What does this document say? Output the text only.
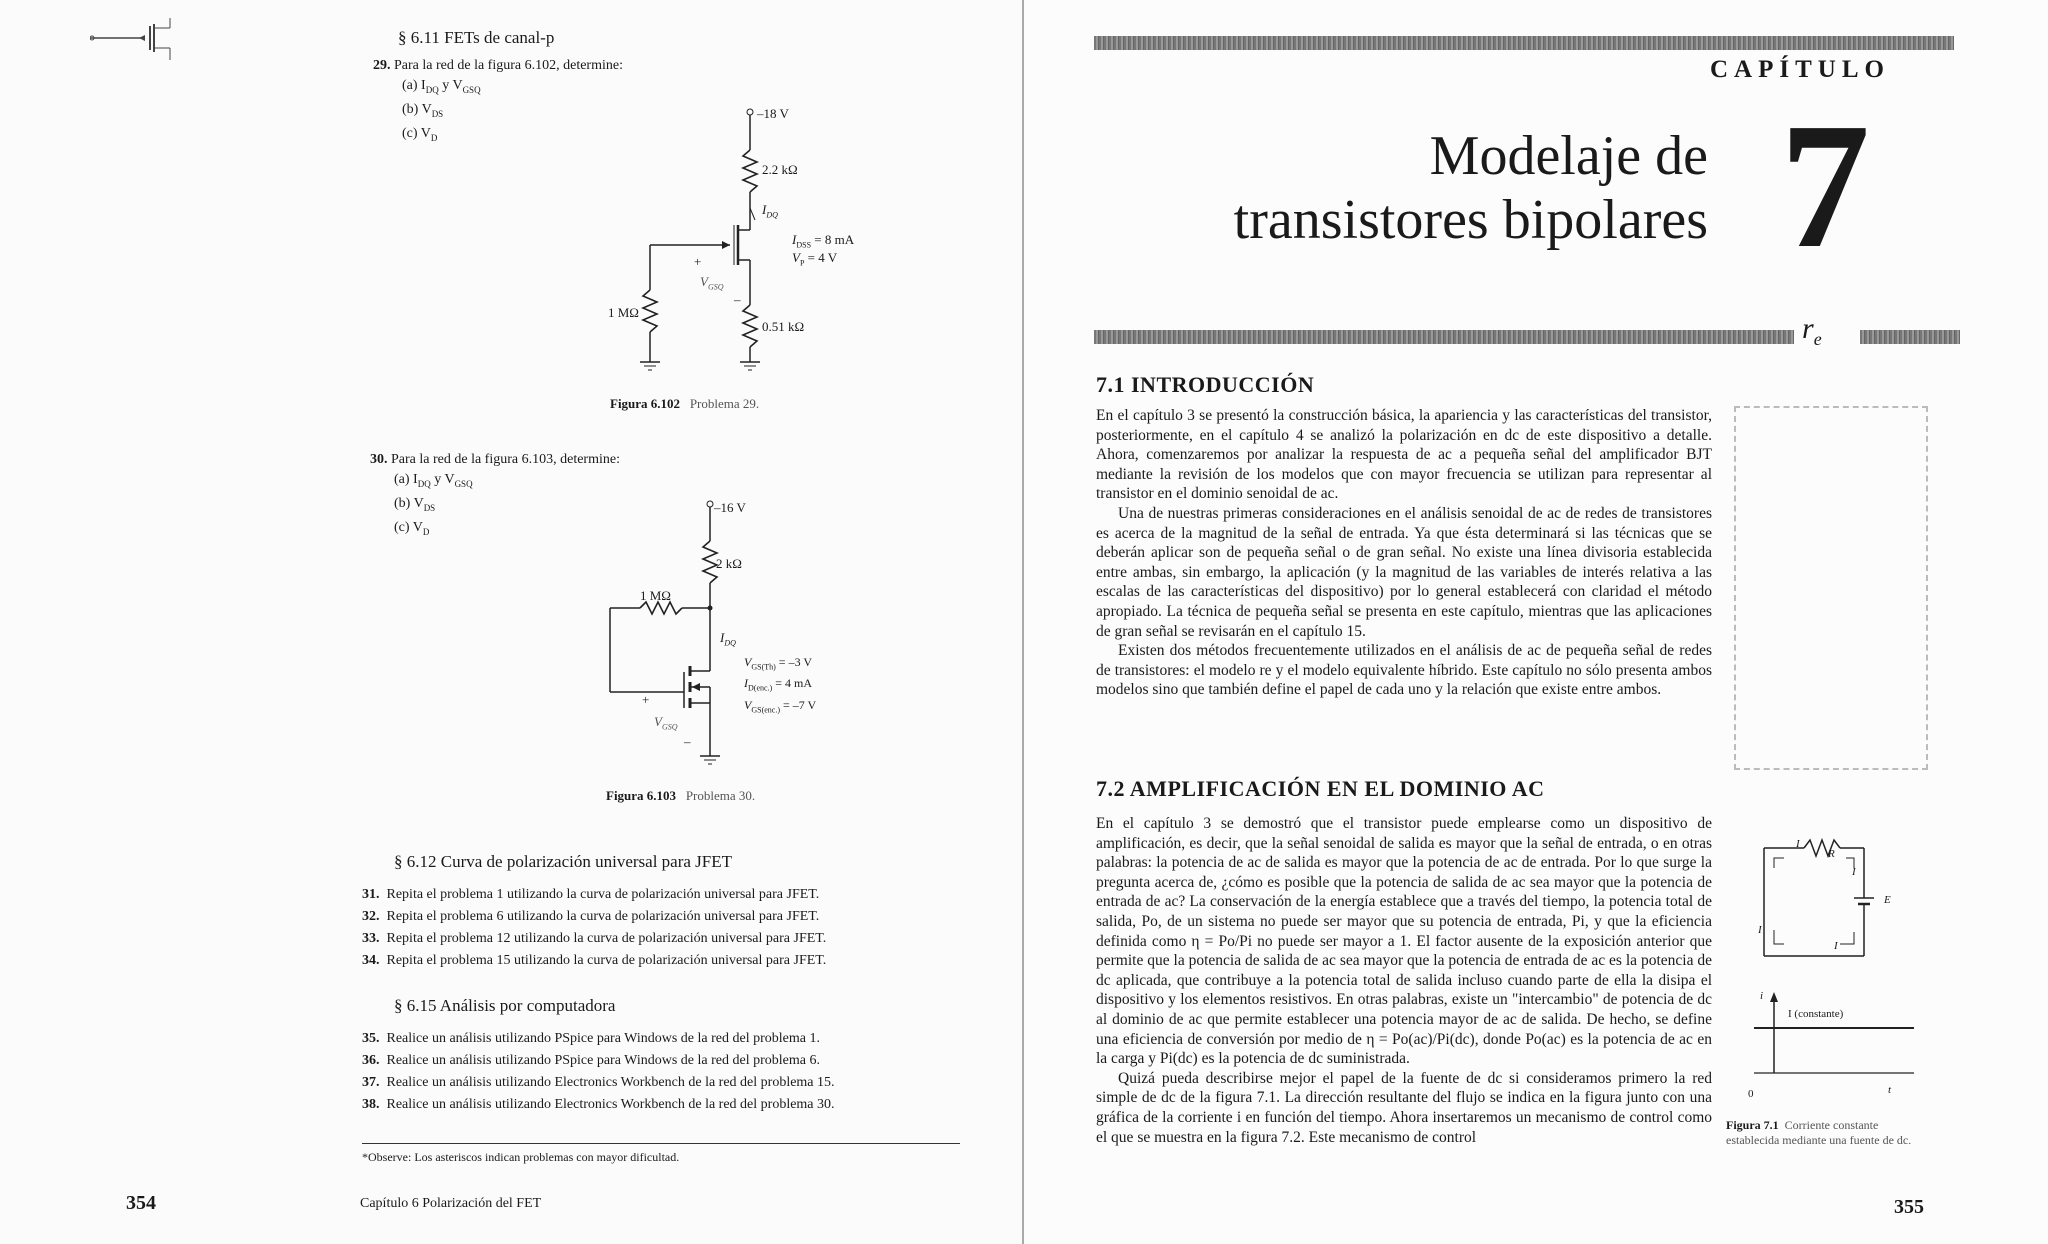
§ 6.11 FETs de canal-p
29. Para la red de la figura 6.102, determine:
(a) $I_{DQ}$ y $V_{GSQ}$
(b) $V_{DS}$
(c) $V_D$
–18 V
2.2 kΩ
$I_{DQ}$
$I_{DSS} = 8$ mA
$V_P = 4$ V
+
$V_{GSQ}$
–
1 MΩ
0.51 kΩ
Figura 6.102 Problema 29.
30. Para la red de la figura 6.103, determine:
(a) $I_{DQ}$ y $V_{GSQ}$
(b) $V_{DS}$
(c) $V_D$
–16 V
2 kΩ
1 MΩ
$I_{DQ}$
$V_{GS(Th)} = -3$ V
$I_{D(enc.)} = 4$ mA
$V_{GS(enc.)} = -7$ V
+
$V_{GSQ}$
–
Figura 6.103 Problema 30.
§ 6.12 Curva de polarización universal para JFET
31. Repita el problema 1 utilizando la curva de polarización universal para JFET.
32. Repita el problema 6 utilizando la curva de polarización universal para JFET.
33. Repita el problema 12 utilizando la curva de polarización universal para JFET.
34. Repita el problema 15 utilizando la curva de polarización universal para JFET.
§ 6.15 Análisis por computadora
35. Realice un análisis utilizando PSpice para Windows de la red del problema 1.
36. Realice un análisis utilizando PSpice para Windows de la red del problema 6.
37. Realice un análisis utilizando Electronics Workbench de la red del problema 15.
38. Realice un análisis utilizando Electronics Workbench de la red del problema 30.
*Observe: Los asteriscos indican problemas con mayor dificultad.
354	Capítulo 6 Polarización del FET
CAPÍTULO
Modelaje de
transistores bipolares 7
$r_e$
7.1 INTRODUCCIÓN

En el capítulo 3 se presentó la construcción básica, la apariencia y las características del transistor, posteriormente, en el capítulo 4 se analizó la polarización en dc de este dispositivo a detalle. Ahora, comenzaremos por analizar la respuesta de ac a pequeña señal del amplificador BJT mediante la revisión de los modelos que con mayor frecuencia se utilizan para representar al transistor en el dominio senoidal de ac.

Una de nuestras primeras consideraciones en el análisis senoidal de ac de redes de transistores es acerca de la magnitud de la señal de entrada. Ya que ésta determinará si las técnicas que se deberán aplicar son de pequeña señal o de gran señal. No existe una línea divisoria establecida entre ambas, sin embargo, la aplicación (y la magnitud de las variables de interés relativa a las escalas de las características del dispositivo) por lo general establecerá con claridad el método apropiado. La técnica de pequeña señal se presenta en este capítulo, mientras que las aplicaciones de gran señal se revisarán en el capítulo 15.

Existen dos métodos frecuentemente utilizados en el análisis de ac de pequeña señal de redes de transistores: el modelo re y el modelo equivalente híbrido. Este capítulo no sólo presenta ambos modelos sino que también define el papel de cada uno y la relación que existe entre ambos.

7.2 AMPLIFICACIÓN EN EL DOMINIO AC

En el capítulo 3 se demostró que el transistor puede emplearse como un dispositivo de amplificación, es decir, que la señal senoidal de salida es mayor que la señal de entrada, o en otras palabras: la potencia de ac de salida es mayor que la potencia de ac de entrada. Por lo que surge la pregunta acerca de, ¿cómo es posible que la potencia de salida de ac sea mayor que la potencia de entrada de ac? La conservación de la energía establece que a través del tiempo, la potencia total de salida, Po, de un sistema no puede ser mayor que su potencia de entrada, Pi, y que la eficiencia definida como η = Po/Pi no puede ser mayor a 1. El factor ausente de la exposición anterior que permite que la potencia de salida de ac sea mayor que la potencia de entrada de ac es la potencia de dc aplicada, que contribuye a la potencia total de salida incluso cuando parte de ella la disipa el dispositivo y los elementos resistivos. En otras palabras, existe un "intercambio" de potencia de dc al dominio de ac que permite establecer una potencia mayor de ac de salida. De hecho, se define una eficiencia de conversión por medio de η = Po(ac)/Pi(dc), donde Po(ac) es la potencia de ac en la carga y Pi(dc) es la potencia de dc suministrada.

Quizá pueda describirse mejor el papel de la fuente de dc si consideramos primero la red simple de dc de la figura 7.1. La dirección resultante del flujo se indica en la figura junto con una gráfica de la corriente i en función del tiempo. Ahora insertaremos un mecanismo de control como el que se muestra en la figura 7.2. Este mecanismo de control

I
R
I
E
I
I
i
I (constante)
0	t
Figura 7.1 Corriente constante establecida mediante una fuente de dc.
355
